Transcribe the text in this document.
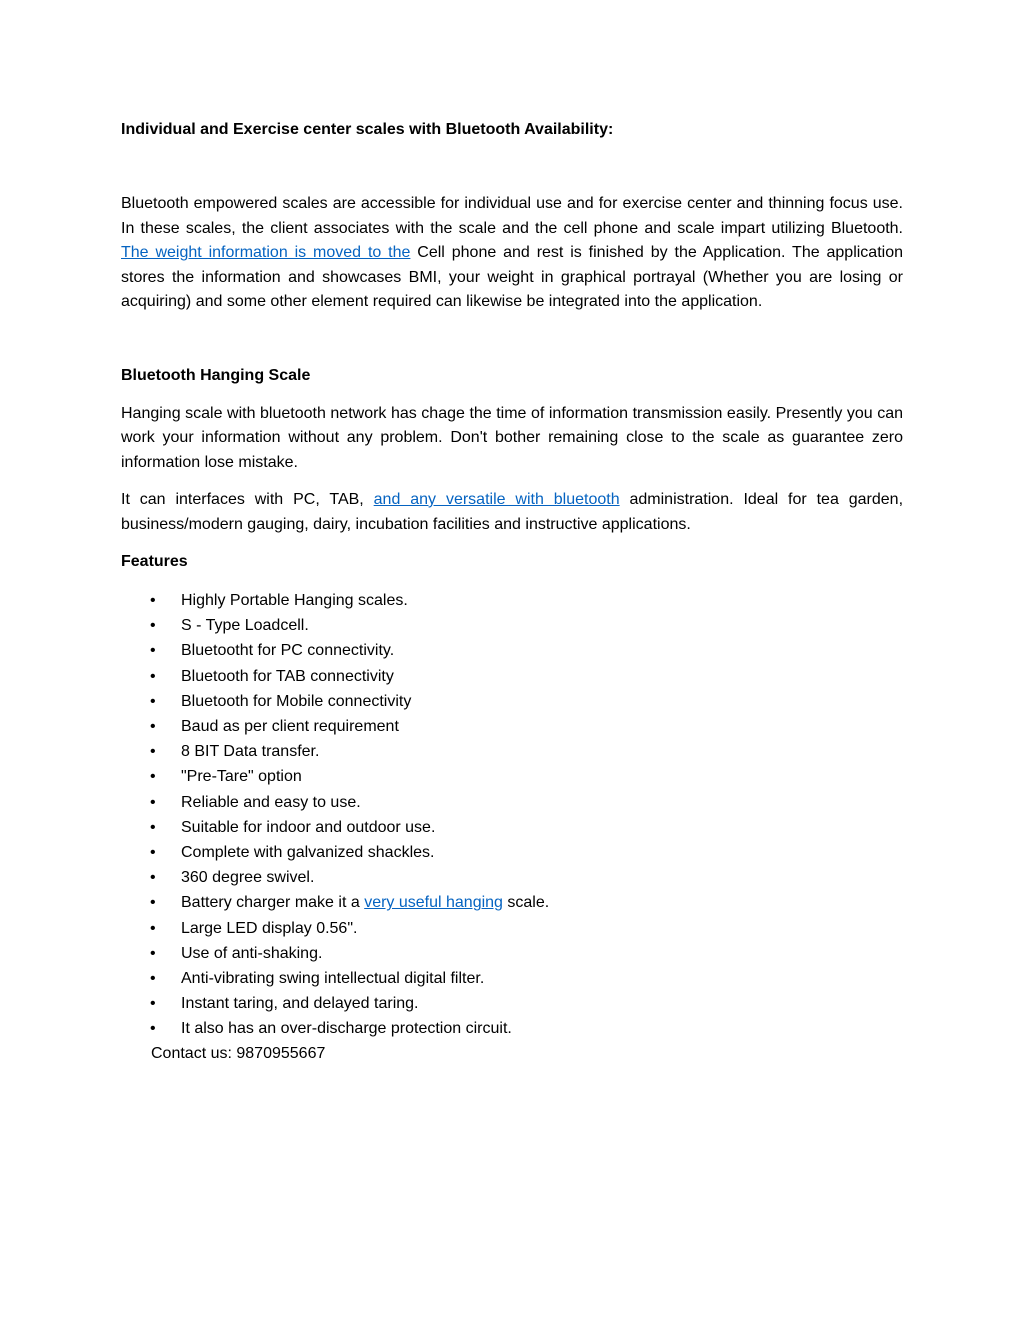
Individual and Exercise center scales with Bluetooth Availability:

Bluetooth empowered scales are accessible for individual use and for exercise center and thinning focus use. In these scales, the client associates with the scale and the cell phone and scale impart utilizing Bluetooth. The weight information is moved to the Cell phone and rest is finished by the Application. The application stores the information and showcases BMI, your weight in graphical portrayal (Whether you are losing or acquiring) and some other element required can likewise be integrated into the application.

Bluetooth Hanging Scale

Hanging scale with bluetooth network has chage the time of information transmission easily. Presently you can work your information without any problem. Don't bother remaining close to the scale as guarantee zero information lose mistake.

It can interfaces with PC, TAB, and any versatile with bluetooth administration. Ideal for tea garden, business/modern gauging, dairy, incubation facilities and instructive applications.

Features

• Highly Portable Hanging scales.
• S - Type Loadcell.
• Bluetootht for PC connectivity.
• Bluetooth for TAB connectivity
• Bluetooth for Mobile connectivity
• Baud as per client requirement
• 8 BIT Data transfer.
• "Pre-Tare" option
• Reliable and easy to use.
• Suitable for indoor and outdoor use.
• Complete with galvanized shackles.
• 360 degree swivel.
• Battery charger make it a very useful hanging scale.
• Large LED display 0.56".
• Use of anti-shaking.
• Anti-vibrating swing intellectual digital filter.
• Instant taring, and delayed taring.
• It also has an over-discharge protection circuit.
Contact us: 9870955667
